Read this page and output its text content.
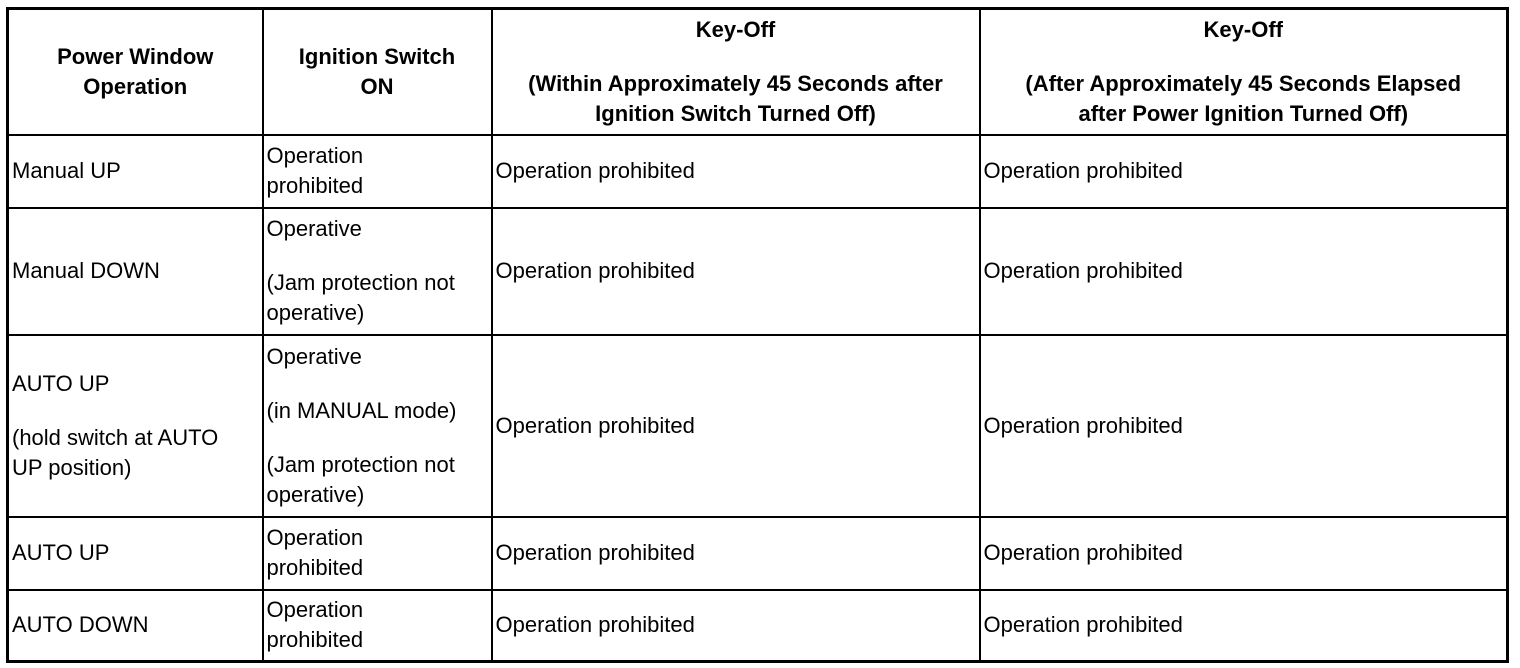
Power Window
Operation	Ignition Switch
ON	Key-Off
(Within Approximately 45 Seconds after
Ignition Switch Turned Off)	Key-Off
(After Approximately 45 Seconds Elapsed
after Power Ignition Turned Off)

Manual UP	Operation
prohibited	Operation prohibited	Operation prohibited

Manual DOWN	Operative
(Jam protection not
operative)	Operation prohibited	Operation prohibited

AUTO UP
(hold switch at AUTO
UP position)	Operative
(in MANUAL mode)
(Jam protection not
operative)	Operation prohibited	Operation prohibited

AUTO UP	Operation
prohibited	Operation prohibited	Operation prohibited

AUTO DOWN	Operation
prohibited	Operation prohibited	Operation prohibited
